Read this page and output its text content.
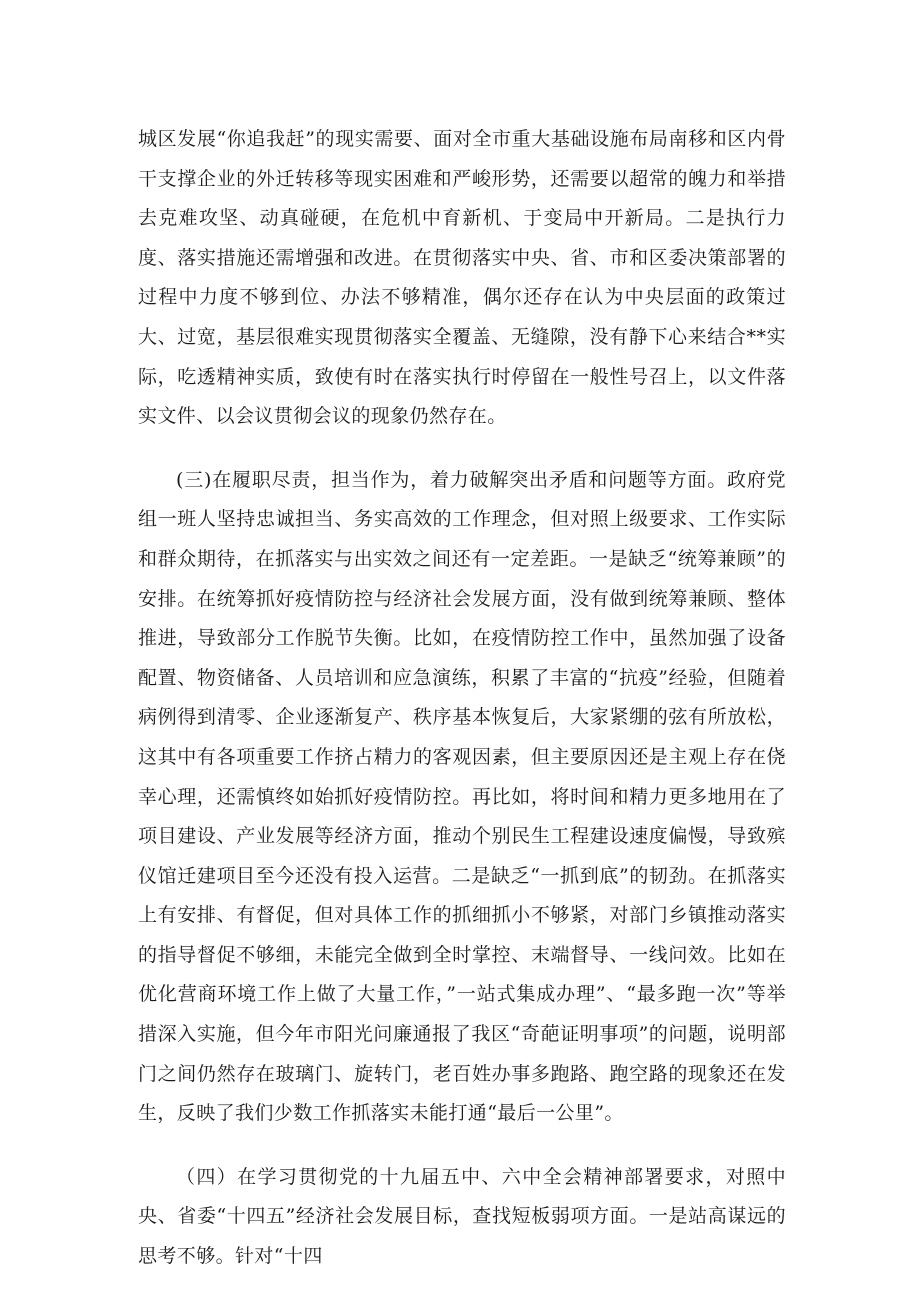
城区发展“你追我赶”的现实需要、面对全市重大基础设施布局南移和区内骨干支撑企业的外迁转移等现实困难和严峻形势，还需要以超常的魄力和举措去克难攻坚、动真碰硬，在危机中育新机、于变局中开新局。二是执行力度、落实措施还需增强和改进。在贯彻落实中央、省、市和区委决策部署的过程中力度不够到位、办法不够精准，偶尔还存在认为中央层面的政策过大、过宽，基层很难实现贯彻落实全覆盖、无缝隙，没有静下心来结合**实际，吃透精神实质，致使有时在落实执行时停留在一般性号召上，以文件落实文件、以会议贯彻会议的现象仍然存在。

(三)在履职尽责，担当作为，着力破解突出矛盾和问题等方面。政府党组一班人坚持忠诚担当、务实高效的工作理念，但对照上级要求、工作实际和群众期待，在抓落实与出实效之间还有一定差距。一是缺乏“统筹兼顾”的安排。在统筹抓好疫情防控与经济社会发展方面，没有做到统筹兼顾、整体推进，导致部分工作脱节失衡。比如，在疫情防控工作中，虽然加强了设备配置、物资储备、人员培训和应急演练，积累了丰富的“抗疫”经验，但随着病例得到清零、企业逐渐复产、秩序基本恢复后，大家紧绷的弦有所放松，这其中有各项重要工作挤占精力的客观因素，但主要原因还是主观上存在侥幸心理，还需慎终如始抓好疫情防控。再比如，将时间和精力更多地用在了项目建设、产业发展等经济方面，推动个别民生工程建设速度偏慢，导致殡仪馆迁建项目至今还没有投入运营。二是缺乏“一抓到底”的韧劲。在抓落实上有安排、有督促，但对具体工作的抓细抓小不够紧，对部门乡镇推动落实的指导督促不够细，未能完全做到全时掌控、末端督导、一线问效。比如在优化营商环境工作上做了大量工作，”一站式集成办理”、“最多跑一次”等举措深入实施，但今年市阳光问廉通报了我区“奇葩证明事项”的问题，说明部门之间仍然存在玻璃门、旋转门，老百姓办事多跑路、跑空路的现象还在发生，反映了我们少数工作抓落实未能打通“最后一公里”。

（四）在学习贯彻党的十九届五中、六中全会精神部署要求，对照中央、省委“十四五”经济社会发展目标，查找短板弱项方面。一是站高谋远的思考不够。针对“十四
